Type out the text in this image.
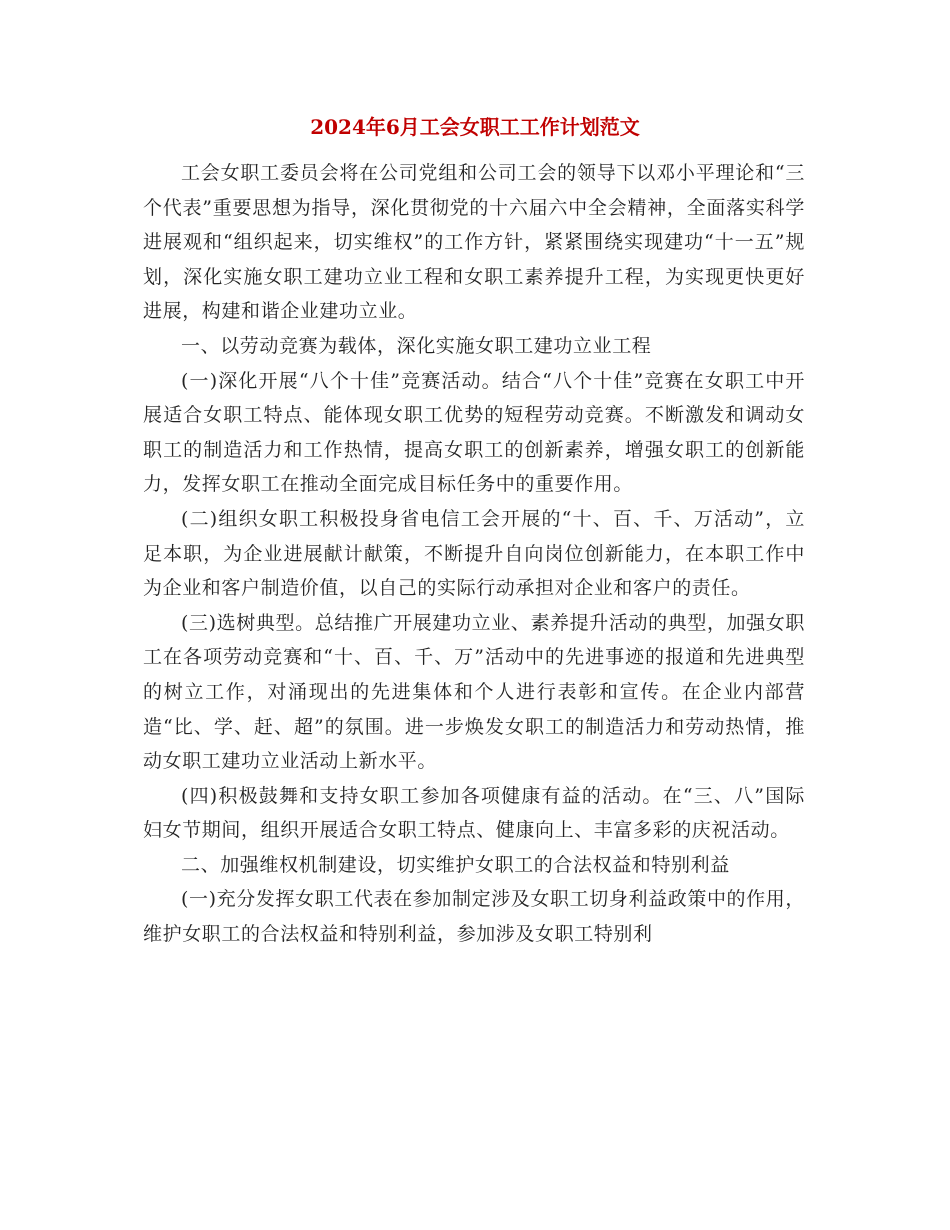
2024年6月工会女职工工作计划范文

工会女职工委员会将在公司党组和公司工会的领导下以邓小平理论和“三个代表”重要思想为指导，深化贯彻党的十六届六中全会精神，全面落实科学进展观和“组织起来，切实维权”的工作方针，紧紧围绕实现建功“十一五”规划，深化实施女职工建功立业工程和女职工素养提升工程，为实现更快更好进展，构建和谐企业建功立业。

一、以劳动竞赛为载体，深化实施女职工建功立业工程

(一)深化开展“八个十佳”竞赛活动。结合“八个十佳”竞赛在女职工中开展适合女职工特点、能体现女职工优势的短程劳动竞赛。不断激发和调动女职工的制造活力和工作热情，提高女职工的创新素养，增强女职工的创新能力，发挥女职工在推动全面完成目标任务中的重要作用。

(二)组织女职工积极投身省电信工会开展的“十、百、千、万活动”，立足本职，为企业进展献计献策，不断提升自向岗位创新能力，在本职工作中为企业和客户制造价值，以自己的实际行动承担对企业和客户的责任。

(三)选树典型。总结推广开展建功立业、素养提升活动的典型，加强女职工在各项劳动竞赛和“十、百、千、万”活动中的先进事迹的报道和先进典型的树立工作，对涌现出的先进集体和个人进行表彰和宣传。在企业内部营造“比、学、赶、超”的氛围。进一步焕发女职工的制造活力和劳动热情，推动女职工建功立业活动上新水平。

(四)积极鼓舞和支持女职工参加各项健康有益的活动。在“三、八”国际妇女节期间，组织开展适合女职工特点、健康向上、丰富多彩的庆祝活动。

二、加强维权机制建设，切实维护女职工的合法权益和特别利益

(一)充分发挥女职工代表在参加制定涉及女职工切身利益政策中的作用，维护女职工的合法权益和特别利益，参加涉及女职工特别利
